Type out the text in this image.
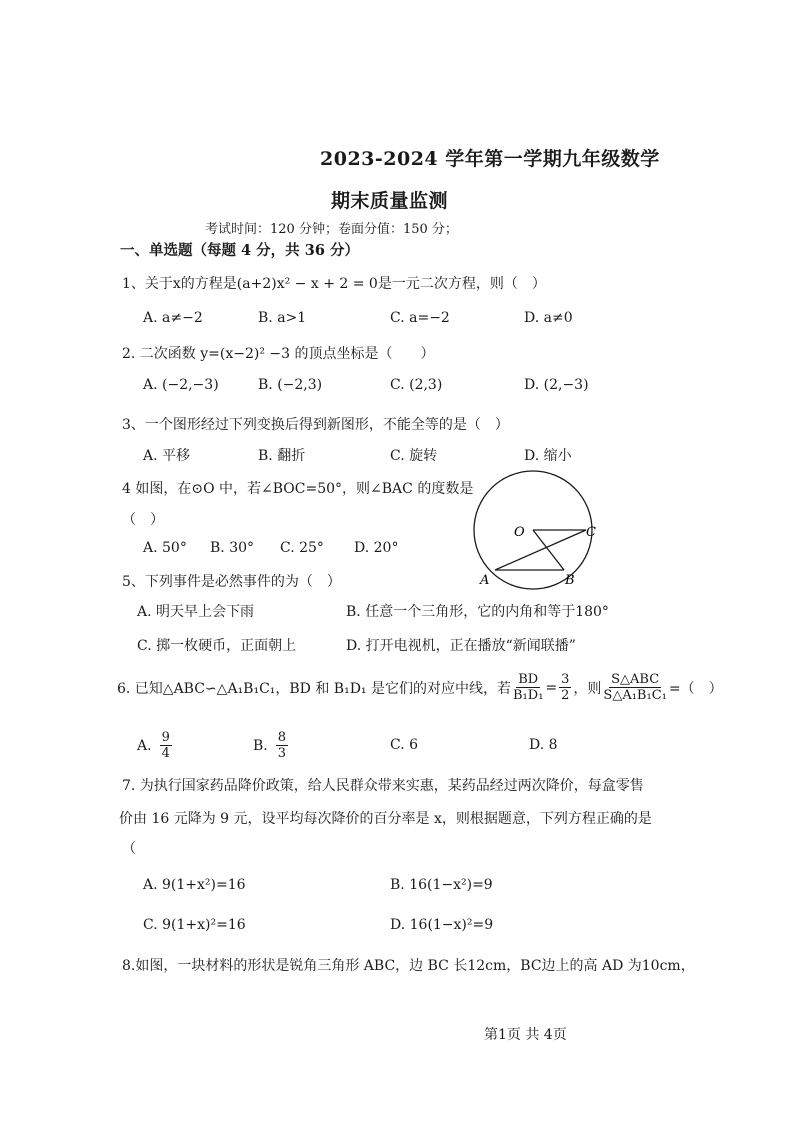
2023-2024 学年第一学期九年级数学
期末质量监测
考试时间：120 分钟；卷面分值：150 分；
一、单选题（每题 4 分，共 36 分）
1、关于x的方程是(a+2)x² − x + 2 = 0是一元二次方程，则（　）
A. a≠−2	B. a>1	C. a=−2	D. a≠0
2. 二次函数 y=(x−2)² −3 的顶点坐标是（　　）
A. (−2,−3)	B. (−2,3)	C. (2,3)	D. (2,−3)
3、一个图形经过下列变换后得到新图形，不能全等的是（　）
A. 平移	B. 翻折	C. 旋转	D. 缩小
4 如图，在⊙O 中，若∠BOC=50°，则∠BAC 的度数是
（　）
A. 50° B. 30° C. 25° D. 20°
O	C
A	B
5、下列事件是必然事件的为（　）
A. 明天早上会下雨	B. 任意一个三角形，它的内角和等于180°
C. 掷一枚硬币，正面朝上	D. 打开电视机，正在播放“新闻联播”
6. 已知△ABC∽△A₁B₁C₁，BD 和 B₁D₁ 是它们的对应中线，若 $\frac{BD}{\text{B₁D₁}} = \frac{3}{2}$ ，则 $\frac{\text{S△ABC}}{\text{S△A₁B₁C₁}}$ =（　）
A. $\frac{9}{4}$	B. $\frac{8}{3}$	C. 6	D. 8
7. 为执行国家药品降价政策，给人民群众带来实惠，某药品经过两次降价，每盒零售
价由 16 元降为 9 元，设平均每次降价的百分率是 x，则根据题意，下列方程正确的是
（
A. 9(1+x²)=16	B. 16(1−x²)=9
C. 9(1+x)²=16	D. 16(1−x)²=9
8.如图，一块材料的形状是锐角三角形 ABC，边 BC 长12cm，BC边上的高 AD 为10cm，
第1页 共 4页
